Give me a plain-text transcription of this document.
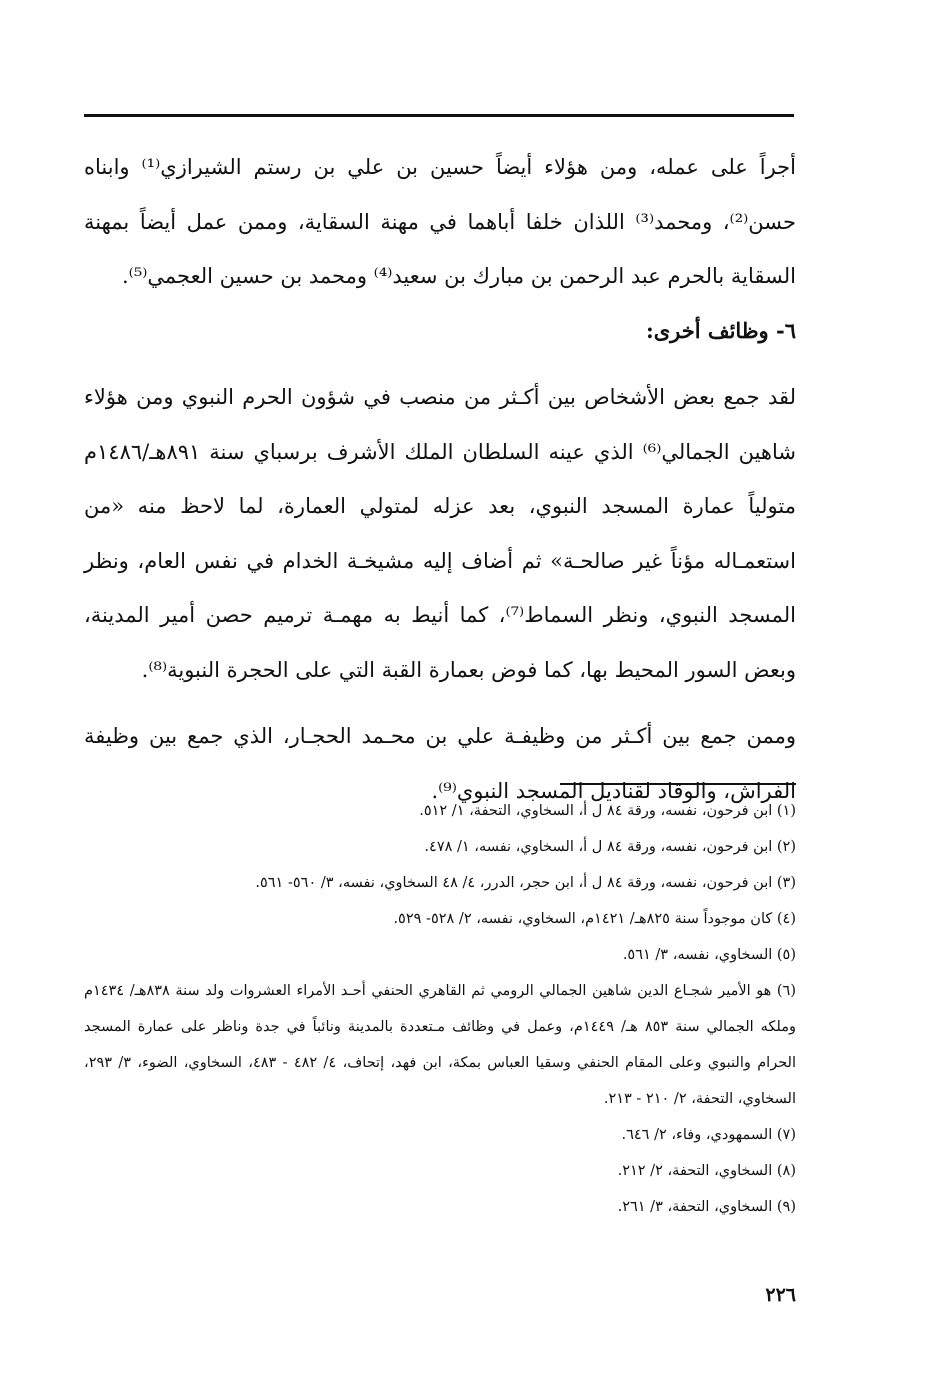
أجراً على عمله، ومن هؤلاء أيضاً حسين بن علي بن رستم الشيرازي⁽¹⁾ وابناه حسن⁽²⁾، ومحمد⁽³⁾ اللذان خلفا أباهما في مهنة السقاية، وممن عمل أيضاً بمهنة السقاية بالحرم عبد الرحمن بن مبارك بن سعيد⁽⁴⁾ ومحمد بن حسين العجمي⁽⁵⁾.

٦- وظائف أخرى:

لقد جمع بعض الأشخاص بين أكـثر من منصب في شؤون الحرم النبوي ومن هؤلاء شاهين الجمالي⁽⁶⁾ الذي عينه السلطان الملك الأشرف برسباي سنة ٨٩١هـ/١٤٨٦م متولياً عمارة المسجد النبوي، بعد عزله لمتولي العمارة، لما لاحظ منه «من استعمـاله مؤناً غير صالحـة» ثم أضاف إليه مشيخـة الخدام في نفس العام، ونظر المسجد النبوي، ونظر السماط⁽⁷⁾، كما أنيط به مهمـة ترميم حصن أمير المدينة، وبعض السور المحيط بها، كما فوض بعمارة القبة التي على الحجرة النبوية⁽⁸⁾.

وممن جمع بين أكـثر من وظيفـة علي بن محـمد الحجـار، الذي جمع بين وظيفة الفراش، والوقاد لقناديل المسجد النبوي⁽⁹⁾.

(١) ابن فرحون، نفسه، ورقة ٨٤ ل أ، السخاوي، التحفة، ١/ ٥١٢.
(٢) ابن فرحون، نفسه، ورقة ٨٤ ل أ، السخاوي، نفسه، ١/ ٤٧٨.
(٣) ابن فرحون، نفسه، ورقة ٨٤ ل أ، ابن حجر، الدرر، ٤/ ٤٨ السخاوي، نفسه، ٣/ ٥٦٠- ٥٦١.
(٤) كان موجوداً سنة ٨٢٥هـ/ ١٤٢١م، السخاوي، نفسه، ٢/ ٥٢٨- ٥٢٩.
(٥) السخاوي، نفسه، ٣/ ٥٦١.
(٦) هو الأمير شجـاع الدين شاهين الجمالي الرومي ثم القاهري الحنفي أحـد الأمراء العشروات ولد سنة ٨٣٨هـ/ ١٤٣٤م وملكه الجمالي سنة ٨٥٣ هـ/ ١٤٤٩م، وعمل في وظائف مـتعددة بالمدينة ونائباً في جدة وناظر على عمارة المسجد الحرام والنبوي وعلى المقام الحنفي وسقيا العباس بمكة، ابن فهد، إتحاف، ٤/ ٤٨٢ - ٤٨٣، السخاوي، الضوء، ٣/ ٢٩٣، السخاوي، التحفة، ٢/ ٢١٠ - ٢١٣.
(٧) السمهودي، وفاء، ٢/ ٦٤٦.
(٨) السخاوي، التحفة، ٢/ ٢١٢.
(٩) السخاوي، التحفة، ٣/ ٢٦١.
٢٢٦
